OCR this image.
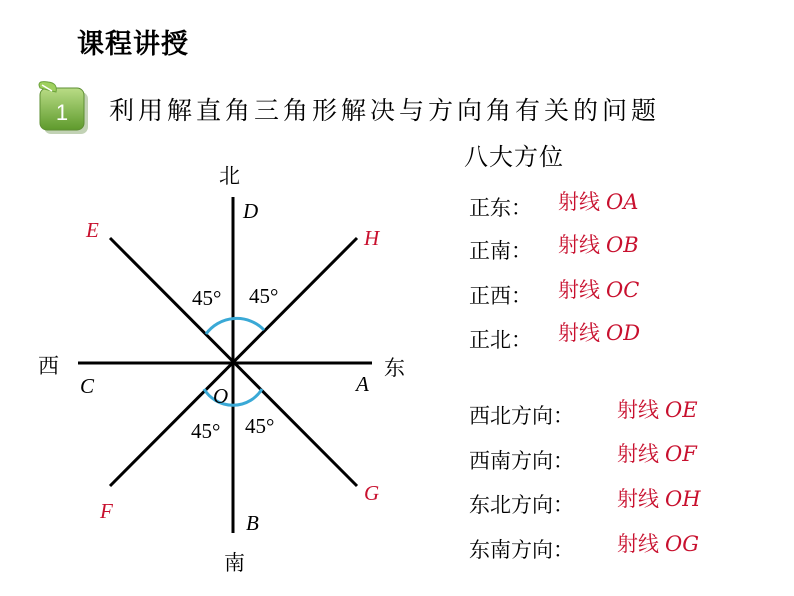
课程讲授
1 利用解直角三角形解决与方向角有关的问题
北
南
东
西
D
B
A
C	O
E	H
F
G
45° 45°
45° 45°
八大方位
正东： 射线 OA
正南： 射线 OB
正西： 射线 OC
正北： 射线 OD
西北方向： 射线 OE
西南方向： 射线 OF
东北方向： 射线 OH
东南方向： 射线 OG
